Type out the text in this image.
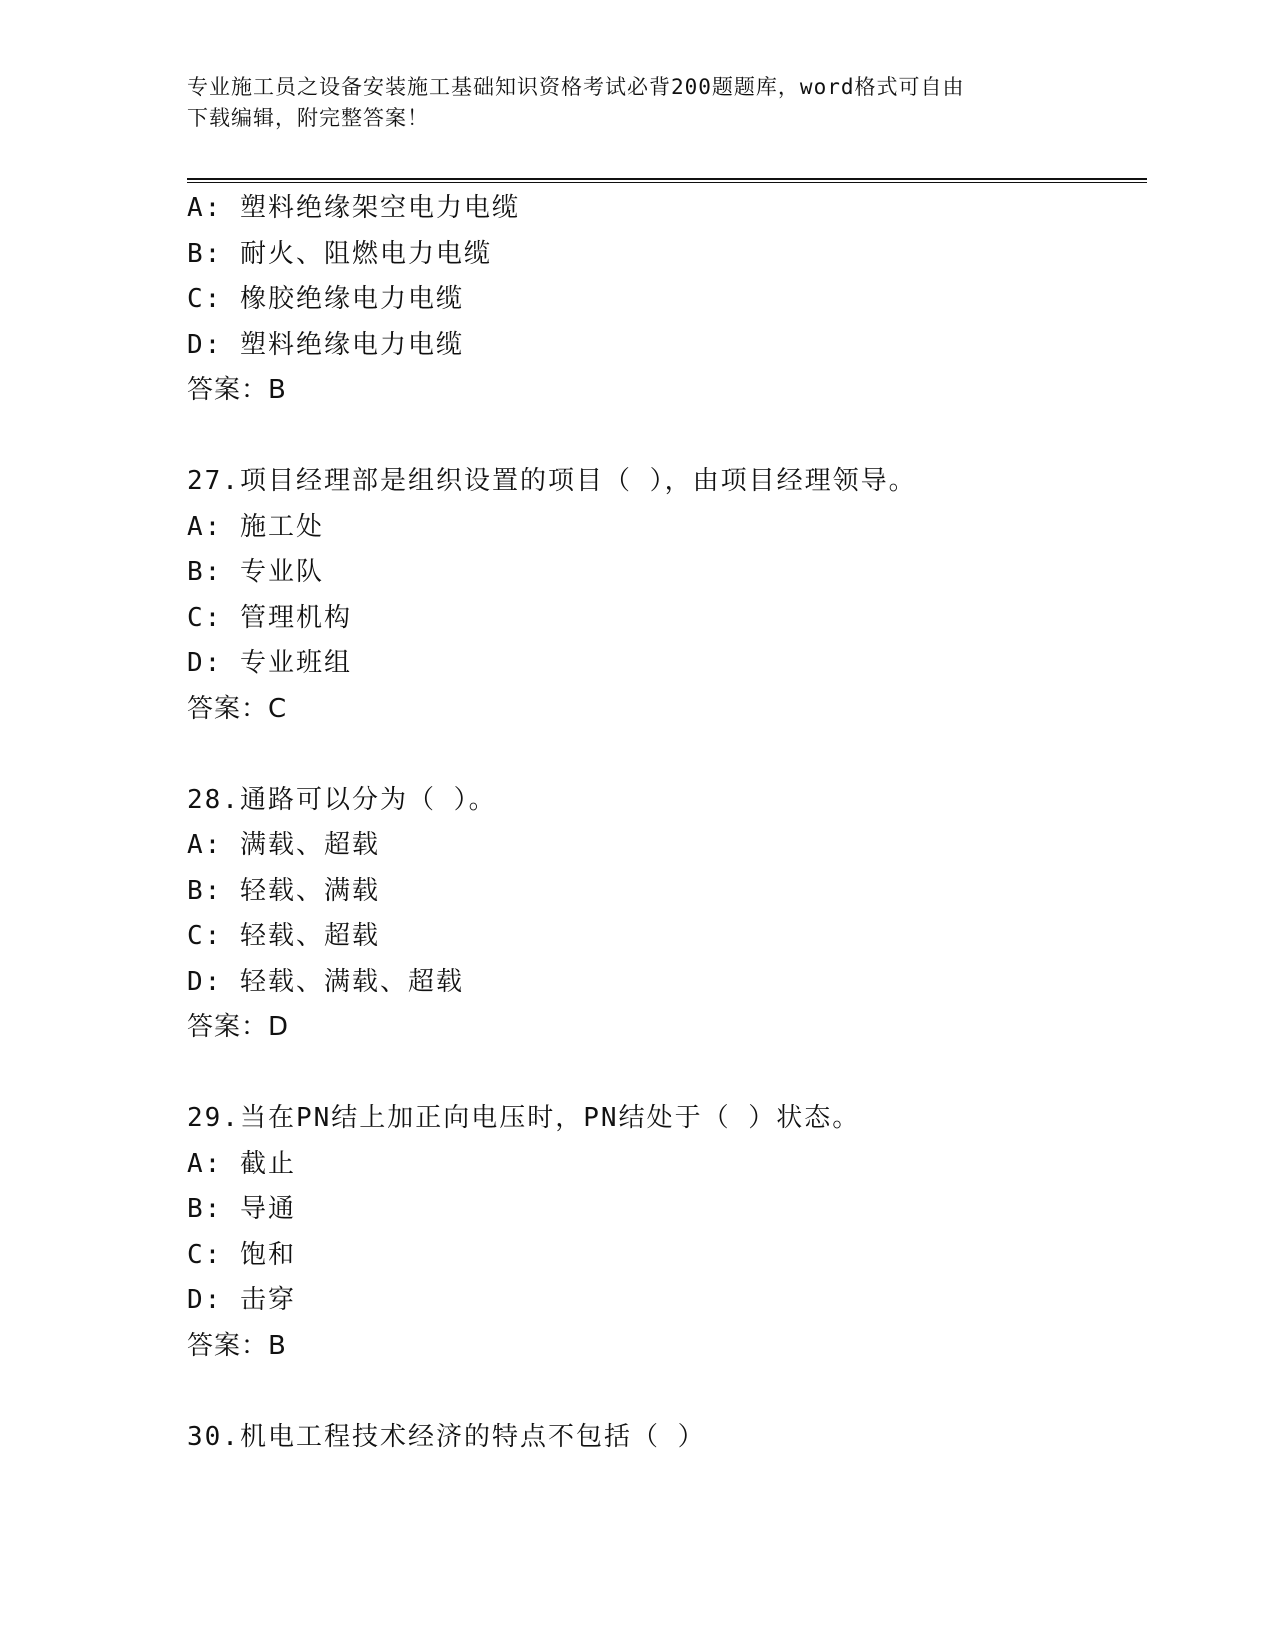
专业施工员之设备安装施工基础知识资格考试必背200题题库，word格式可自由
下载编辑，附完整答案！
A: 塑料绝缘架空电力电缆
B: 耐火、阻燃电力电缆
C: 橡胶绝缘电力电缆
D: 塑料绝缘电力电缆
答案：B
27.项目经理部是组织设置的项目（ ），由项目经理领导。
A: 施工处
B: 专业队
C: 管理机构
D: 专业班组
答案：C
28.通路可以分为（ ）。
A: 满载、超载
B: 轻载、满载
C: 轻载、超载
D: 轻载、满载、超载
答案：D
29.当在PN结上加正向电压时，PN结处于（ ）状态。
A: 截止
B: 导通
C: 饱和
D: 击穿
答案：B
30.机电工程技术经济的特点不包括（ ）
